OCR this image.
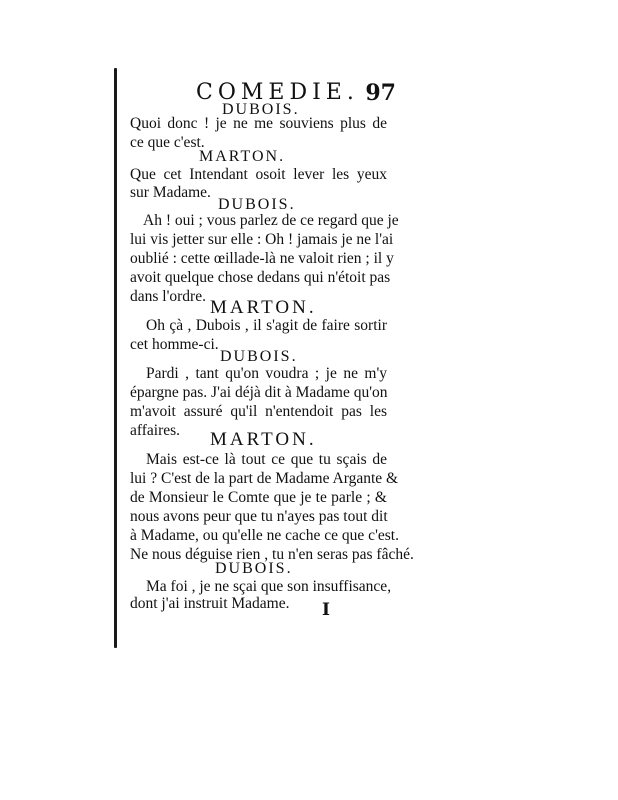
COMEDIE. 97
DUBOIS.
Quoi donc ! je ne me souviens plus de
ce que c'est.
MARTON.
Que cet Intendant osoit lever les yeux
sur Madame.
DUBOIS.
Ah ! oui ; vous parlez de ce regard que je
lui vis jetter sur elle : Oh ! jamais je ne l'ai
oublié : cette œillade-là ne valoit rien ; il y
avoit quelque chose dedans qui n'étoit pas
dans l'ordre.
MARTON.
Oh çà , Dubois , il s'agit de faire sortir
cet homme-ci.
DUBOIS.
Pardi , tant qu'on voudra ; je ne m'y
épargne pas. J'ai déjà dit à Madame qu'on
m'avoit assuré qu'il n'entendoit pas les
affaires. MARTON.
Mais est-ce là tout ce que tu sçais de
lui ? C'est de la part de Madame Argante &
de Monsieur le Comte que je te parle ; &
nous avons peur que tu n'ayes pas tout dit
à Madame, ou qu'elle ne cache ce que c'est.
Ne nous déguise rien , tu n'en seras pas fâché.
DUBOIS.
Ma foi , je ne sçai que son insuffisance,
dont j'ai instruit Madame. I
